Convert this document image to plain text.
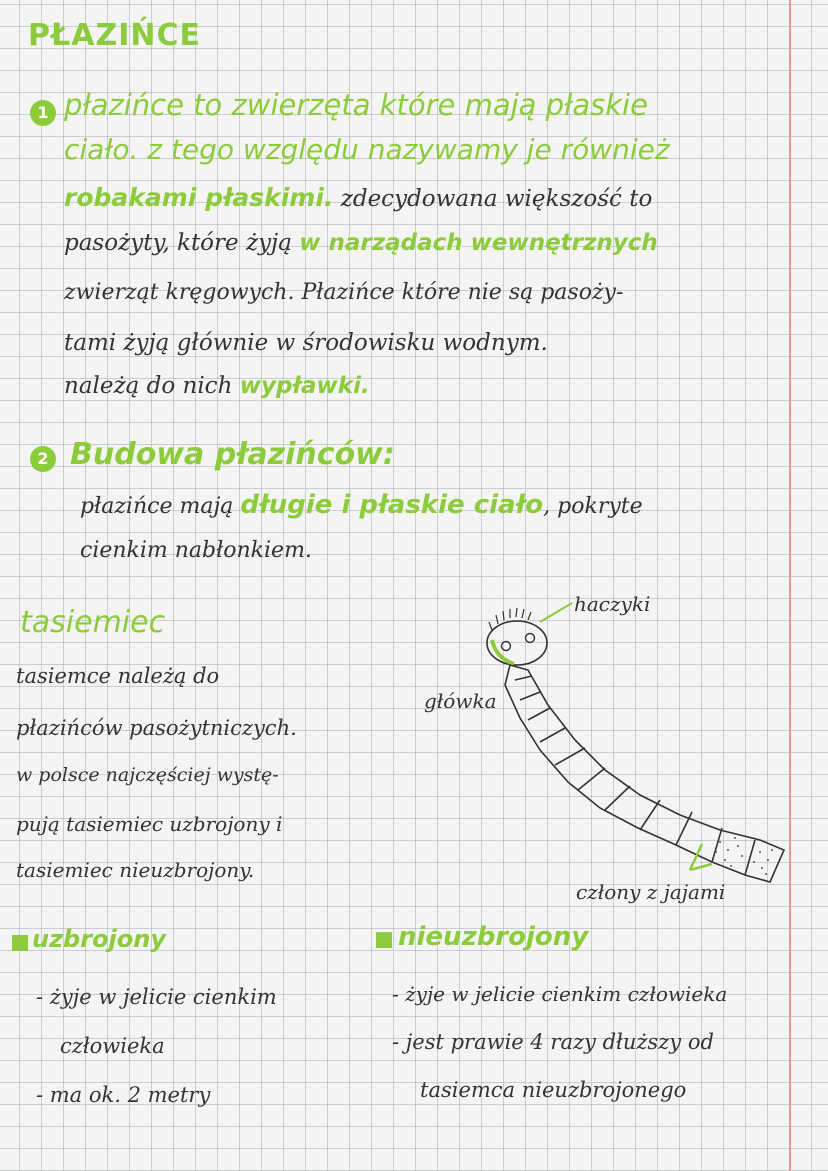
PŁAZIŃCE
1 płazińce to zwierzęta które mają płaskie
ciało. z tego względu nazywamy je również
robakami płaskimi. zdecydowana większość to
pasożyty, które żyją w narządach wewnętrznych
zwierząt kręgowych. Płazińce które nie są pasoży-
tami żyją głównie w środowisku wodnym.
należą do nich wypławki.
2 Budowa płazińców:
płazińce mają długie i płaskie ciało, pokryte
cienkim nabłonkiem.
tasiemiec
tasiemce należą do
płazińców pasożytniczych.
w polsce najczęściej wystę-
pują tasiemiec uzbrojony i
tasiemiec nieuzbrojony.
haczyki
główka
człony z jajami
uzbrojony
- żyje w jelicie cienkim
człowieka
- ma ok. 2 metry
nieuzbrojony
- żyje w jelicie cienkim człowieka
- jest prawie 4 razy dłuższy od
tasiemca nieuzbrojonego
